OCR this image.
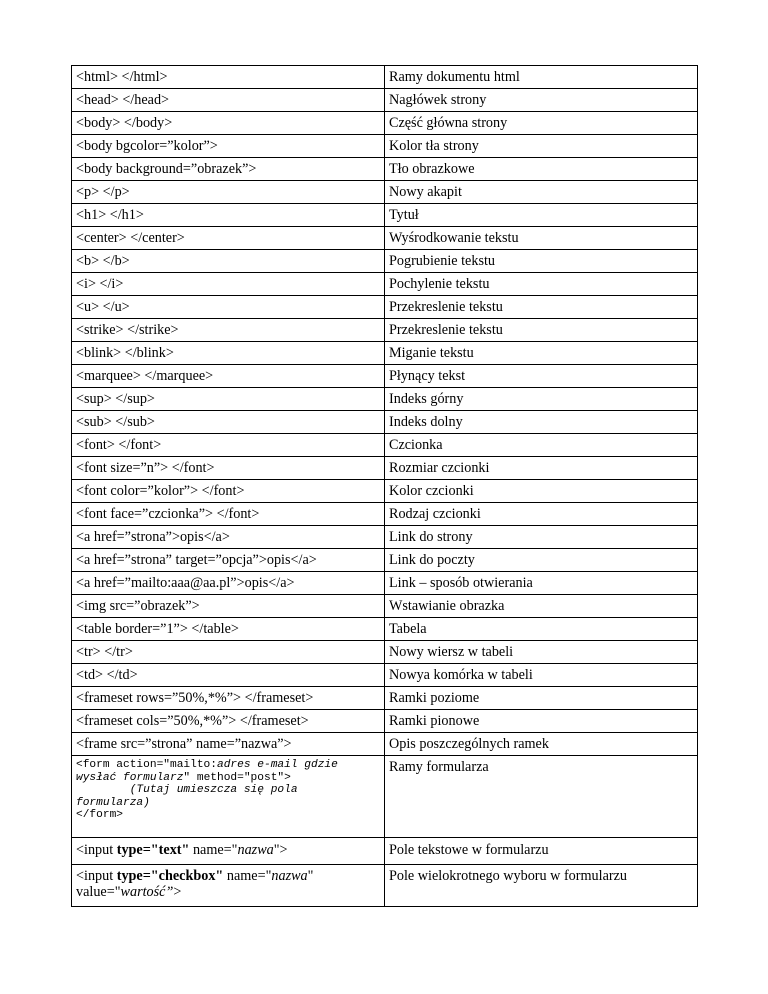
<html> </html>	Ramy dokumentu html
<head> </head>	Nagłówek strony
<body> </body>	Część główna strony
<body bgcolor=”kolor”>	Kolor tła strony
<body background=”obrazek”>	Tło obrazkowe
<p> </p>	Nowy akapit
<h1> </h1>	Tytuł
<center> </center>	Wyśrodkowanie tekstu
<b> </b>	Pogrubienie tekstu
<i> </i>	Pochylenie tekstu
<u> </u>	Przekreslenie tekstu
<strike> </strike>	Przekreslenie tekstu
<blink> </blink>	Miganie tekstu
<marquee> </marquee>	Płynący tekst
<sup> </sup>	Indeks górny
<sub> </sub>	Indeks dolny
<font> </font>	Czcionka
<font size=”n”> </font>	Rozmiar czcionki
<font color=”kolor”> </font>	Kolor czcionki
<font face=”czcionka”> </font>	Rodzaj czcionki
<a href=”strona”>opis</a>	Link do strony
<a href=”strona” target=”opcja”>opis</a>	Link do poczty
<a href=”mailto:aaa@aa.pl”>opis</a>	Link – sposób otwierania
<img src=”obrazek”>	Wstawianie obrazka
<table border=”1”> </table>	Tabela
<tr> </tr>	Nowy wiersz w tabeli
<td> </td>	Nowya komórka w tabeli
<frameset rows=”50%,*%”> </frameset>	Ramki poziome
<frameset cols=”50%,*%”> </frameset>	Ramki pionowe
<frame src=”strona” name=”nazwa”>	Opis poszczególnych ramek

<form action="mailto:adres e-mail gdzie
wysłać formularz" method="post">
(Tutaj umieszcza się pola
formularza)
</form>	Ramy formularza
<input type="text" name="nazwa">	Pole tekstowe w formularzu
<input type="checkbox" name="nazwa"
value="wartość”>	Pole wielokrotnego wyboru w formularzu
